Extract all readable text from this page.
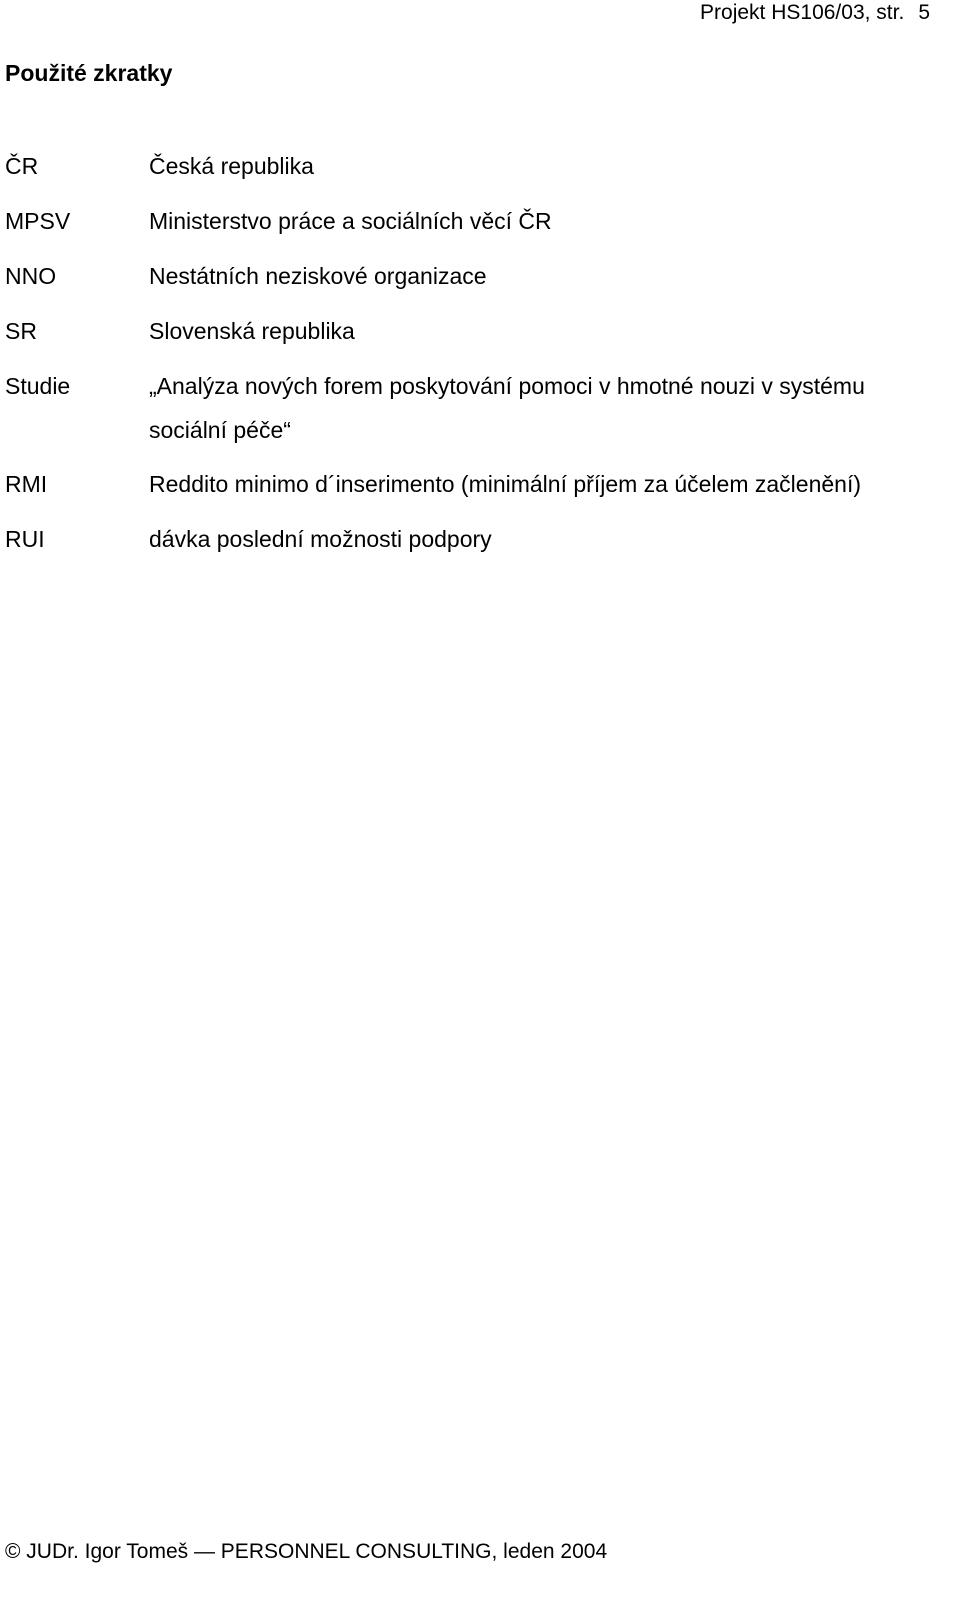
Projekt HS106/03, str. 5
Použité zkratky
ČR	Česká republika
MPSV	Ministerstvo práce a sociálních věcí ČR
NNO	Nestátních neziskové organizace
SR	Slovenská republika
Studie	„Analýza nových forem poskytování pomoci v hmotné nouzi v systému sociální péče“
RMI	Reddito minimo d´inserimento (minimální příjem za účelem začlenění)
RUI	dávka poslední možnosti podpory
© JUDr. Igor Tomeš — PERSONNEL CONSULTING, leden 2004
